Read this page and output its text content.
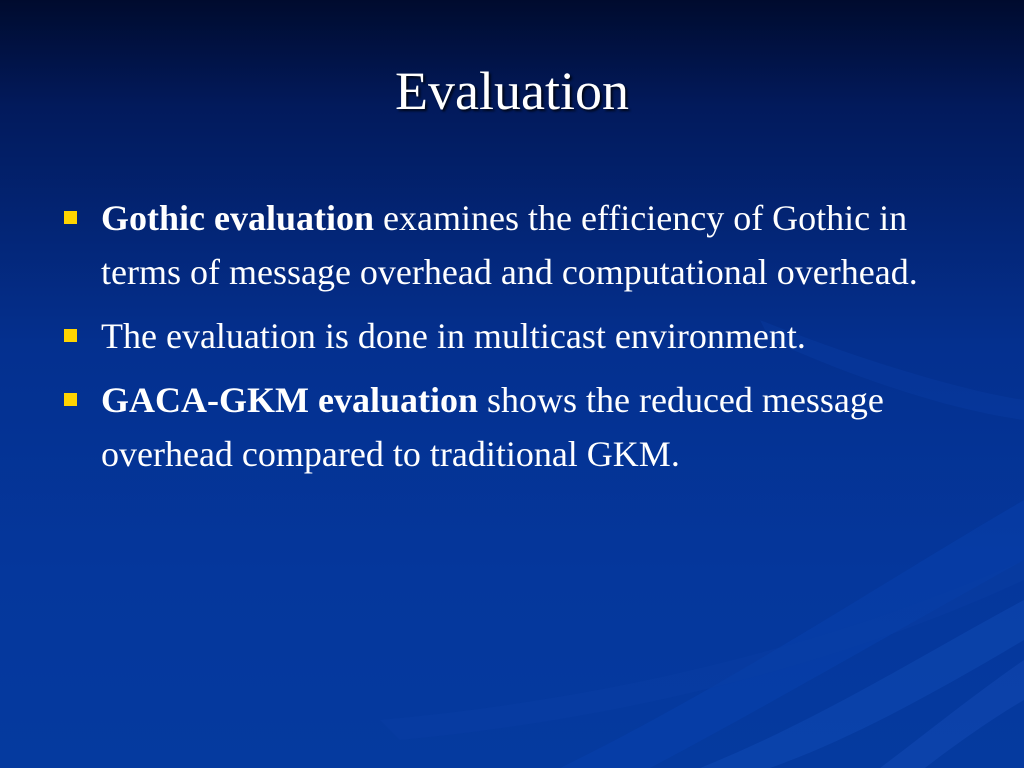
Evaluation
Gothic evaluation examines the efficiency of Gothic in terms of message overhead and computational overhead.
The evaluation is done in multicast environment.
GACA-GKM evaluation shows the reduced message overhead compared to traditional GKM.
